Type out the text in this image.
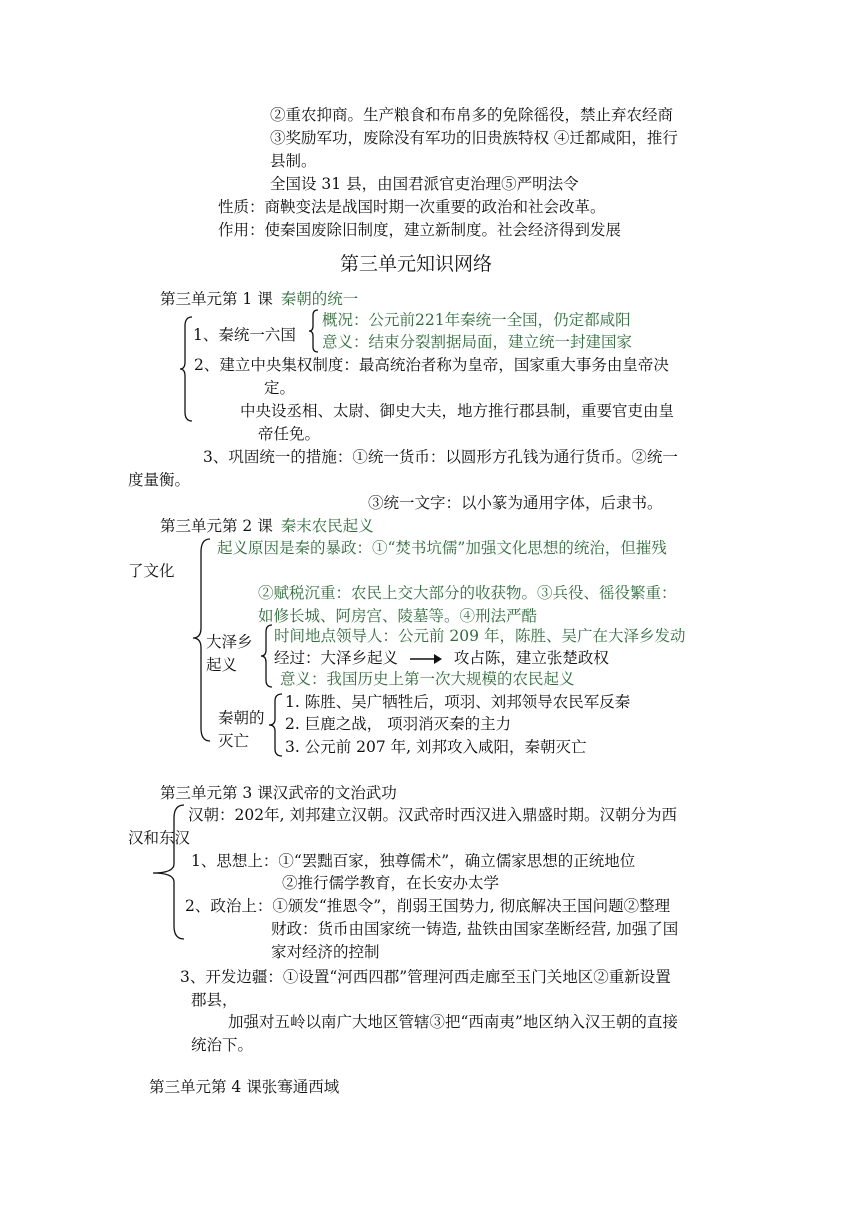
②重农抑商。生产粮食和布帛多的免除徭役，禁止弃农经商
③奖励军功，废除没有军功的旧贵族特权 ④迁都咸阳，推行
县制。
全国设 31 县，由国君派官吏治理⑤严明法令
性质：商鞅变法是战国时期一次重要的政治和社会改革。
作用：使秦国废除旧制度，建立新制度。社会经济得到发展
第三单元知识网络
第三单元第 1 课 秦朝的统一
1、秦统一六国
概况：公元前221年秦统一全国，仍定都咸阳
意义：结束分裂割据局面，建立统一封建国家
2、建立中央集权制度：最高统治者称为皇帝，国家重大事务由皇帝决
定。
中央设丞相、太尉、御史大夫，地方推行郡县制，重要官吏由皇
帝任免。
3、巩固统一的措施：①统一货币：以圆形方孔钱为通行货币。②统一
度量衡。
③统一文字：以小篆为通用字体，后隶书。
第三单元第 2 课 秦末农民起义
起义原因是秦的暴政：①“焚书坑儒”加强文化思想的统治，但摧残
了文化
②赋税沉重：农民上交大部分的收获物。③兵役、徭役繁重：
如修长城、阿房宫、陵墓等。④刑法严酷
大泽乡
起义
时间地点领导人：公元前 209 年，陈胜、吴广在大泽乡发动
经过：大泽乡起义	攻占陈，建立张楚政权
意义：我国历史上第一次大规模的农民起义
秦朝的
灭亡
1. 陈胜、吴广牺牲后，项羽、刘邦领导农民军反秦
2. 巨鹿之战， 项羽消灭秦的主力
3. 公元前 207 年, 刘邦攻入咸阳，秦朝灭亡
第三单元第 3 课汉武帝的文治武功
汉朝：202年, 刘邦建立汉朝。汉武帝时西汉进入鼎盛时期。汉朝分为西
汉和东汉
1、思想上：①“罢黜百家，独尊儒术”，确立儒家思想的正统地位
②推行儒学教育，在长安办太学
2、政治上：①颁发“推恩令”，削弱王国势力, 彻底解决王国问题②整理
财政：货币由国家统一铸造, 盐铁由国家垄断经营, 加强了国
家对经济的控制
3、开发边疆：①设置“河西四郡”管理河西走廊至玉门关地区②重新设置
郡县，
加强对五岭以南广大地区管辖③把“西南夷”地区纳入汉王朝的直接
统治下。
第三单元第 4 课张骞通西域
